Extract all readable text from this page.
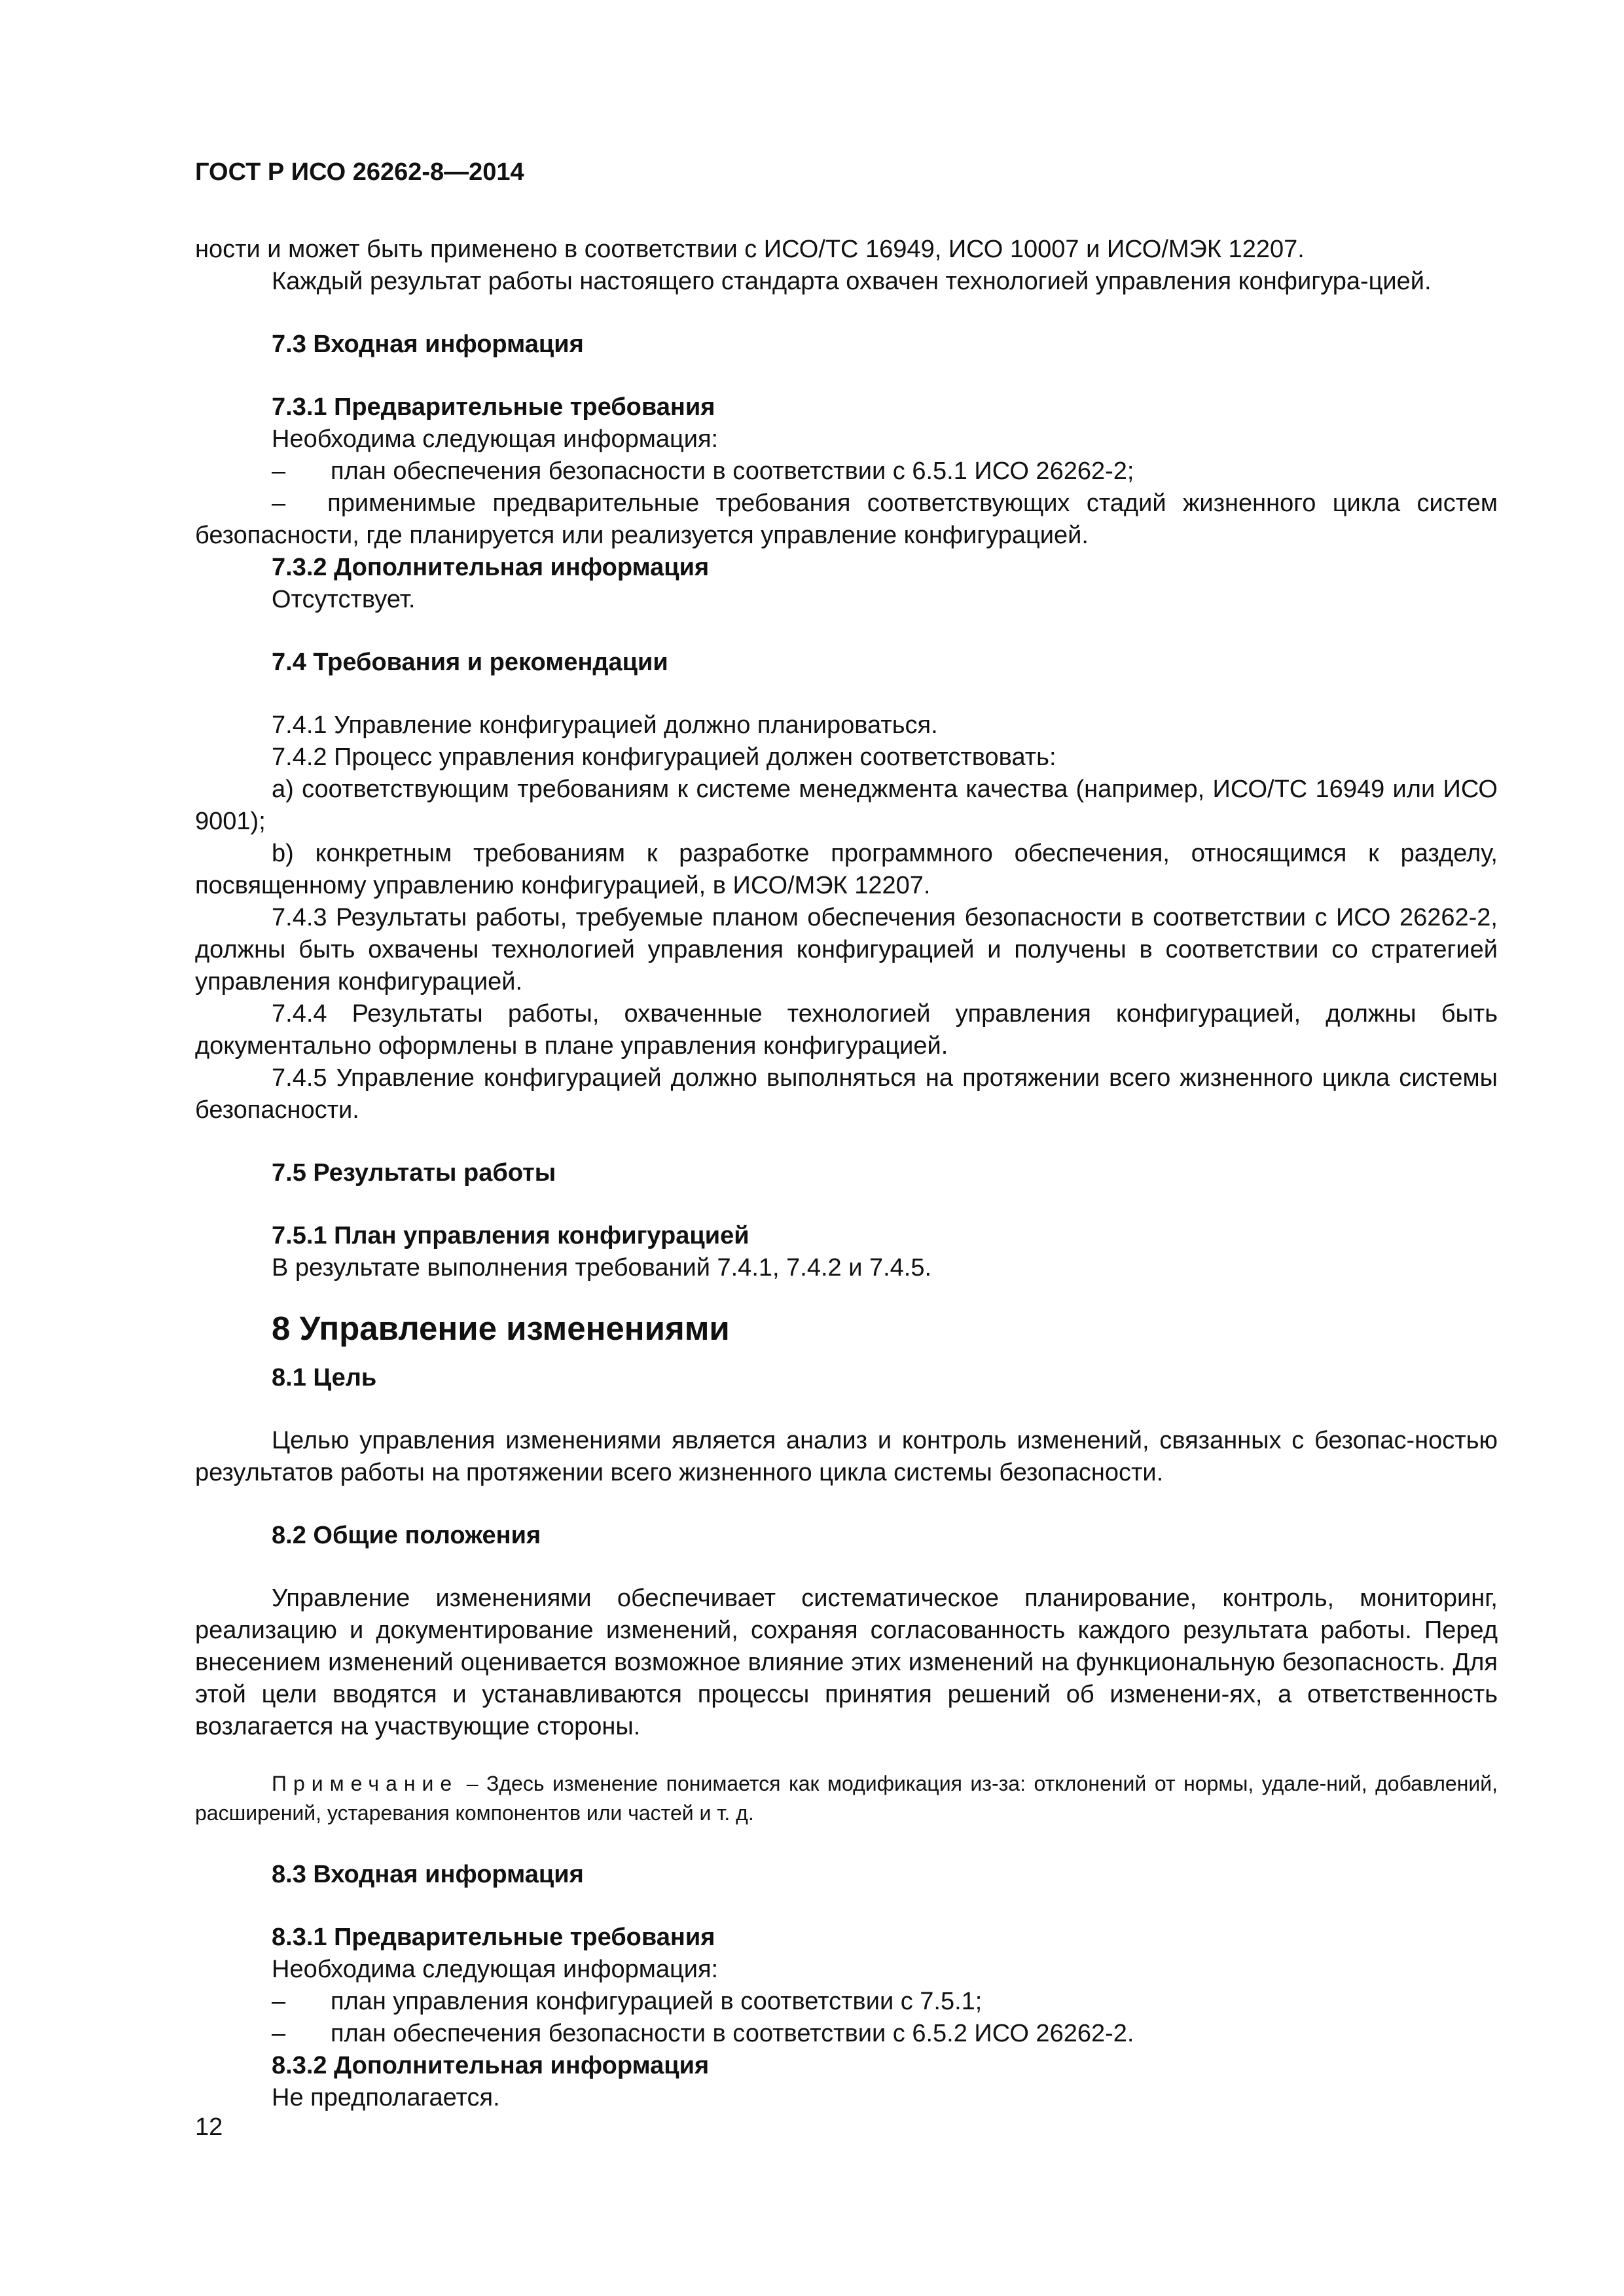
ГОСТ Р ИСО 26262-8—2014

ности и может быть применено в соответствии с ИСО/ТС 16949, ИСО 10007 и ИСО/МЭК 12207.

Каждый результат работы настоящего стандарта охвачен технологией управления конфигура-цией.

7.3 Входная информация
7.3.1 Предварительные требования

Необходима следующая информация:

–	план обеспечения безопасности в соответствии с 6.5.1 ИСО 26262-2;

– применимые предварительные требования соответствующих стадий жизненного цикла систем безопасности, где планируется или реализуется управление конфигурацией.

7.3.2 Дополнительная информация

Отсутствует.

7.4 Требования и рекомендации

7.4.1 Управление конфигурацией должно планироваться.

7.4.2 Процесс управления конфигурацией должен соответствовать:

a) соответствующим требованиям к системе менеджмента качества (например, ИСО/ТС 16949 или ИСО 9001);

b) конкретным требованиям к разработке программного обеспечения, относящимся к разделу, посвященному управлению конфигурацией, в ИСО/МЭК 12207.

7.4.3 Результаты работы, требуемые планом обеспечения безопасности в соответствии с ИСО 26262-2, должны быть охвачены технологией управления конфигурацией и получены в соответствии со стратегией управления конфигурацией.

7.4.4 Результаты работы, охваченные технологией управления конфигурацией, должны быть документально оформлены в плане управления конфигурацией.

7.4.5 Управление конфигурацией должно выполняться на протяжении всего жизненного цикла системы безопасности.

7.5 Результаты работы
7.5.1 План управления конфигурацией

В результате выполнения требований 7.4.1, 7.4.2 и 7.4.5.

8 Управление изменениями
8.1 Цель

Целью управления изменениями является анализ и контроль изменений, связанных с безопас-ностью результатов работы на протяжении всего жизненного цикла системы безопасности.

8.2 Общие положения

Управление изменениями обеспечивает систематическое планирование, контроль, мониторинг, реализацию и документирование изменений, сохраняя согласованность каждого результата работы. Перед внесением изменений оценивается возможное влияние этих изменений на функциональную безопасность. Для этой цели вводятся и устанавливаются процессы принятия решений об изменени-ях, а ответственность возлагается на участвующие стороны.

Примечание – Здесь изменение понимается как модификация из-за: отклонений от нормы, удале-ний, добавлений, расширений, устаревания компонентов или частей и т. д.

8.3 Входная информация
8.3.1 Предварительные требования

Необходима следующая информация:

–	план управления конфигурацией в соответствии с 7.5.1;
–	план обеспечения безопасности в соответствии с 6.5.2 ИСО 26262-2.
8.3.2 Дополнительная информация

Не предполагается.

12
